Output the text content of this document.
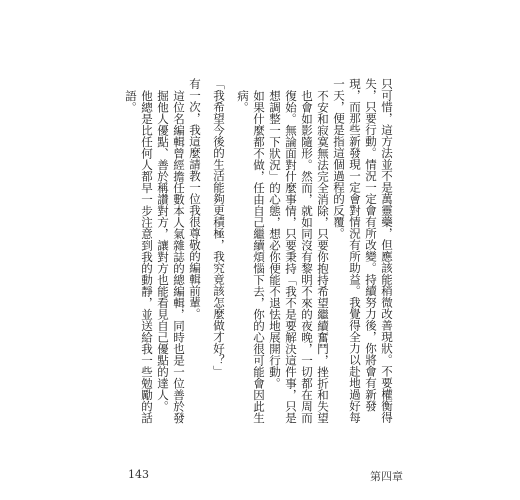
只可惜，這方法並不是萬靈藥，但應該能稍微改善現狀。不要權衡得失，只要行動。情況一定會有所改變。持續努力後，你將會有新發現，而那些新發現一定會對情況有所助益。我覺得全力以赴地過好每一天，便是指這個過程的反覆。

不安和寂寞無法完全消除，只要你抱持希望繼續奮鬥，挫折和失望也會如影隨形。然而，就如同沒有黎明不來的夜晚，一切都在周而復始。無論面對什麼事情，只要秉持「我不是要解決這件事，只是想調整一下狀況」的心態，想必你便能不退怯地展開行動。

如果什麼都不做，任由自己繼續煩惱下去，你的心很可能會因此生病。

「我希望今後的生活能夠更積極，我究竟該怎麼做才好？」

有一次，我這麼請教一位我很尊敬的編輯前輩。

這位名編輯曾經擔任數本人氣雜誌的總編輯，同時也是一位善於發掘他人優點、善於稱讚對方，讓對方也能看見自己優點的達人。

他總是比任何人都早一步注意到我的動靜，並送給我一些勉勵的話語。

143	第四章
